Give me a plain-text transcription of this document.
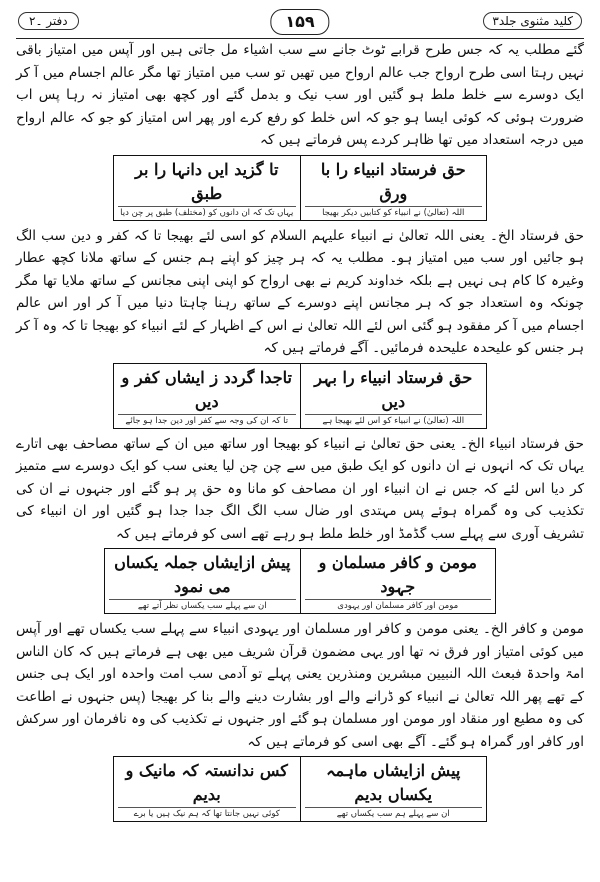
کلید مثنوی جلد۳
۱۵۹
دفتر ۔۲

گئے مطلب یہ کہ جس طرح قرابے ٹوٹ جانے سے سب اشیاء مل جاتی ہیں اور آپس میں امتیاز باقی نہیں رہتا اسی طرح ارواح جب عالم ارواح میں تھیں تو سب میں امتیاز تھا مگر عالم اجسام میں آ کر ایک دوسرے سے خلط ملط ہو گئیں اور سب نیک و بدمل گئے اور کچھ بھی امتیاز نہ رہا پس اب ضرورت ہوئی کہ کوئی ایسا ہو جو کہ اس خلط کو رفع کرے اور پھر اس امتیاز کو جو کہ عالم ارواح میں درجہ استعداد میں تھا ظاہر کردے پس فرماتے ہیں کہ

حق فرستاد انبیاء را با ورق
اللہ (تعالیٰ) نے انبیاء کو کتابیں دیکر بھیجا
تا گزید ایں دانہا را بر طبق
یہاں تک کہ ان دانوں کو (مختلف) طبق پر چن دیا

حق فرستاد الخ۔ یعنی اللہ تعالیٰ نے انبیاء علیہم السلام کو اسی لئے بھیجا تا کہ کفر و دین سب الگ ہو جائیں اور سب میں امتیاز ہو۔ مطلب یہ کہ ہر چیز کو اپنے ہم جنس کے ساتھ ملانا کچھ عطار وغیرہ کا کام ہی نہیں ہے بلکہ خداوند کریم نے بھی ارواح کو اپنی اپنی مجانس کے ساتھ ملایا تھا مگر چونکہ وہ استعداد جو کہ ہر مجانس اپنے دوسرے کے ساتھ رہنا چاہتا دنیا میں آ کر اور اس عالم اجسام میں آ کر مفقود ہو گئی اس لئے اللہ تعالیٰ نے اس کے اظہار کے لئے انبیاء کو بھیجا تا کہ وہ آ کر ہر جنس کو علیحدہ علیحدہ فرمائیں۔ آگے فرماتے ہیں کہ

حق فرستاد انبیاء را بہر دیں
اللہ (تعالیٰ) نے انبیاء کو اس لئے بھیجا ہے
تاجدا گردد ز ایشاں کفر و دیں
تا کہ ان کی وجہ سے کفر اور دین جدا ہو جائے

حق فرستاد انبیاء الخ۔ یعنی حق تعالیٰ نے انبیاء کو بھیجا اور ساتھ میں ان کے ساتھ مصاحف بھی اتارے یہاں تک کہ انہوں نے ان دانوں کو ایک طبق میں سے چن چن لیا یعنی سب کو ایک دوسرے سے متمیز کر دیا اس لئے کہ جس نے ان انبیاء اور ان مصاحف کو مانا وہ حق پر ہو گئے اور جنہوں نے ان کی تکذیب کی وہ گمراہ ہوئے پس مہتدی اور ضال سب الگ الگ جدا جدا ہو گئیں اور ان انبیاء کی تشریف آوری سے پہلے سب گڈمڈ اور خلط ملط ہو رہے تھے اسی کو فرماتے ہیں کہ

مومن و کافر مسلمان و جہود
مومن اور کافر مسلمان اور یہودی
پیش ازایشاں جملہ یکساں می نمود
ان سے پہلے سب یکساں نظر آتے تھے

مومن و کافر الخ۔ یعنی مومن و کافر اور مسلمان اور یہودی انبیاء سے پہلے سب یکساں تھے اور آپس میں کوئی امتیاز اور فرق نہ تھا اور یہی مضمون قرآن شریف میں بھی ہے فرماتے ہیں کہ کان الناس امۃ واحدۃ فبعث اللہ النبیین مبشرین ومنذرین یعنی پہلے تو آدمی سب امت واحدہ اور ایک ہی جنس کے تھے پھر اللہ تعالیٰ نے انبیاء کو ڈرانے والے اور بشارت دینے والے بنا کر بھیجا (پس جنہوں نے اطاعت کی وہ مطیع اور منقاد اور مومن اور مسلمان ہو گئے اور جنہوں نے تکذیب کی وہ نافرمان اور سرکش اور کافر اور گمراہ ہو گئے۔ آگے بھی اسی کو فرماتے ہیں کہ

پیش ازایشاں ماہمہ یکساں بدیم
ان سے پہلے ہم سب یکساں تھے
کس ندانستہ کہ مانیک و بدیم
کوئی نہیں جانتا تھا کہ ہم نیک ہیں یا برے
